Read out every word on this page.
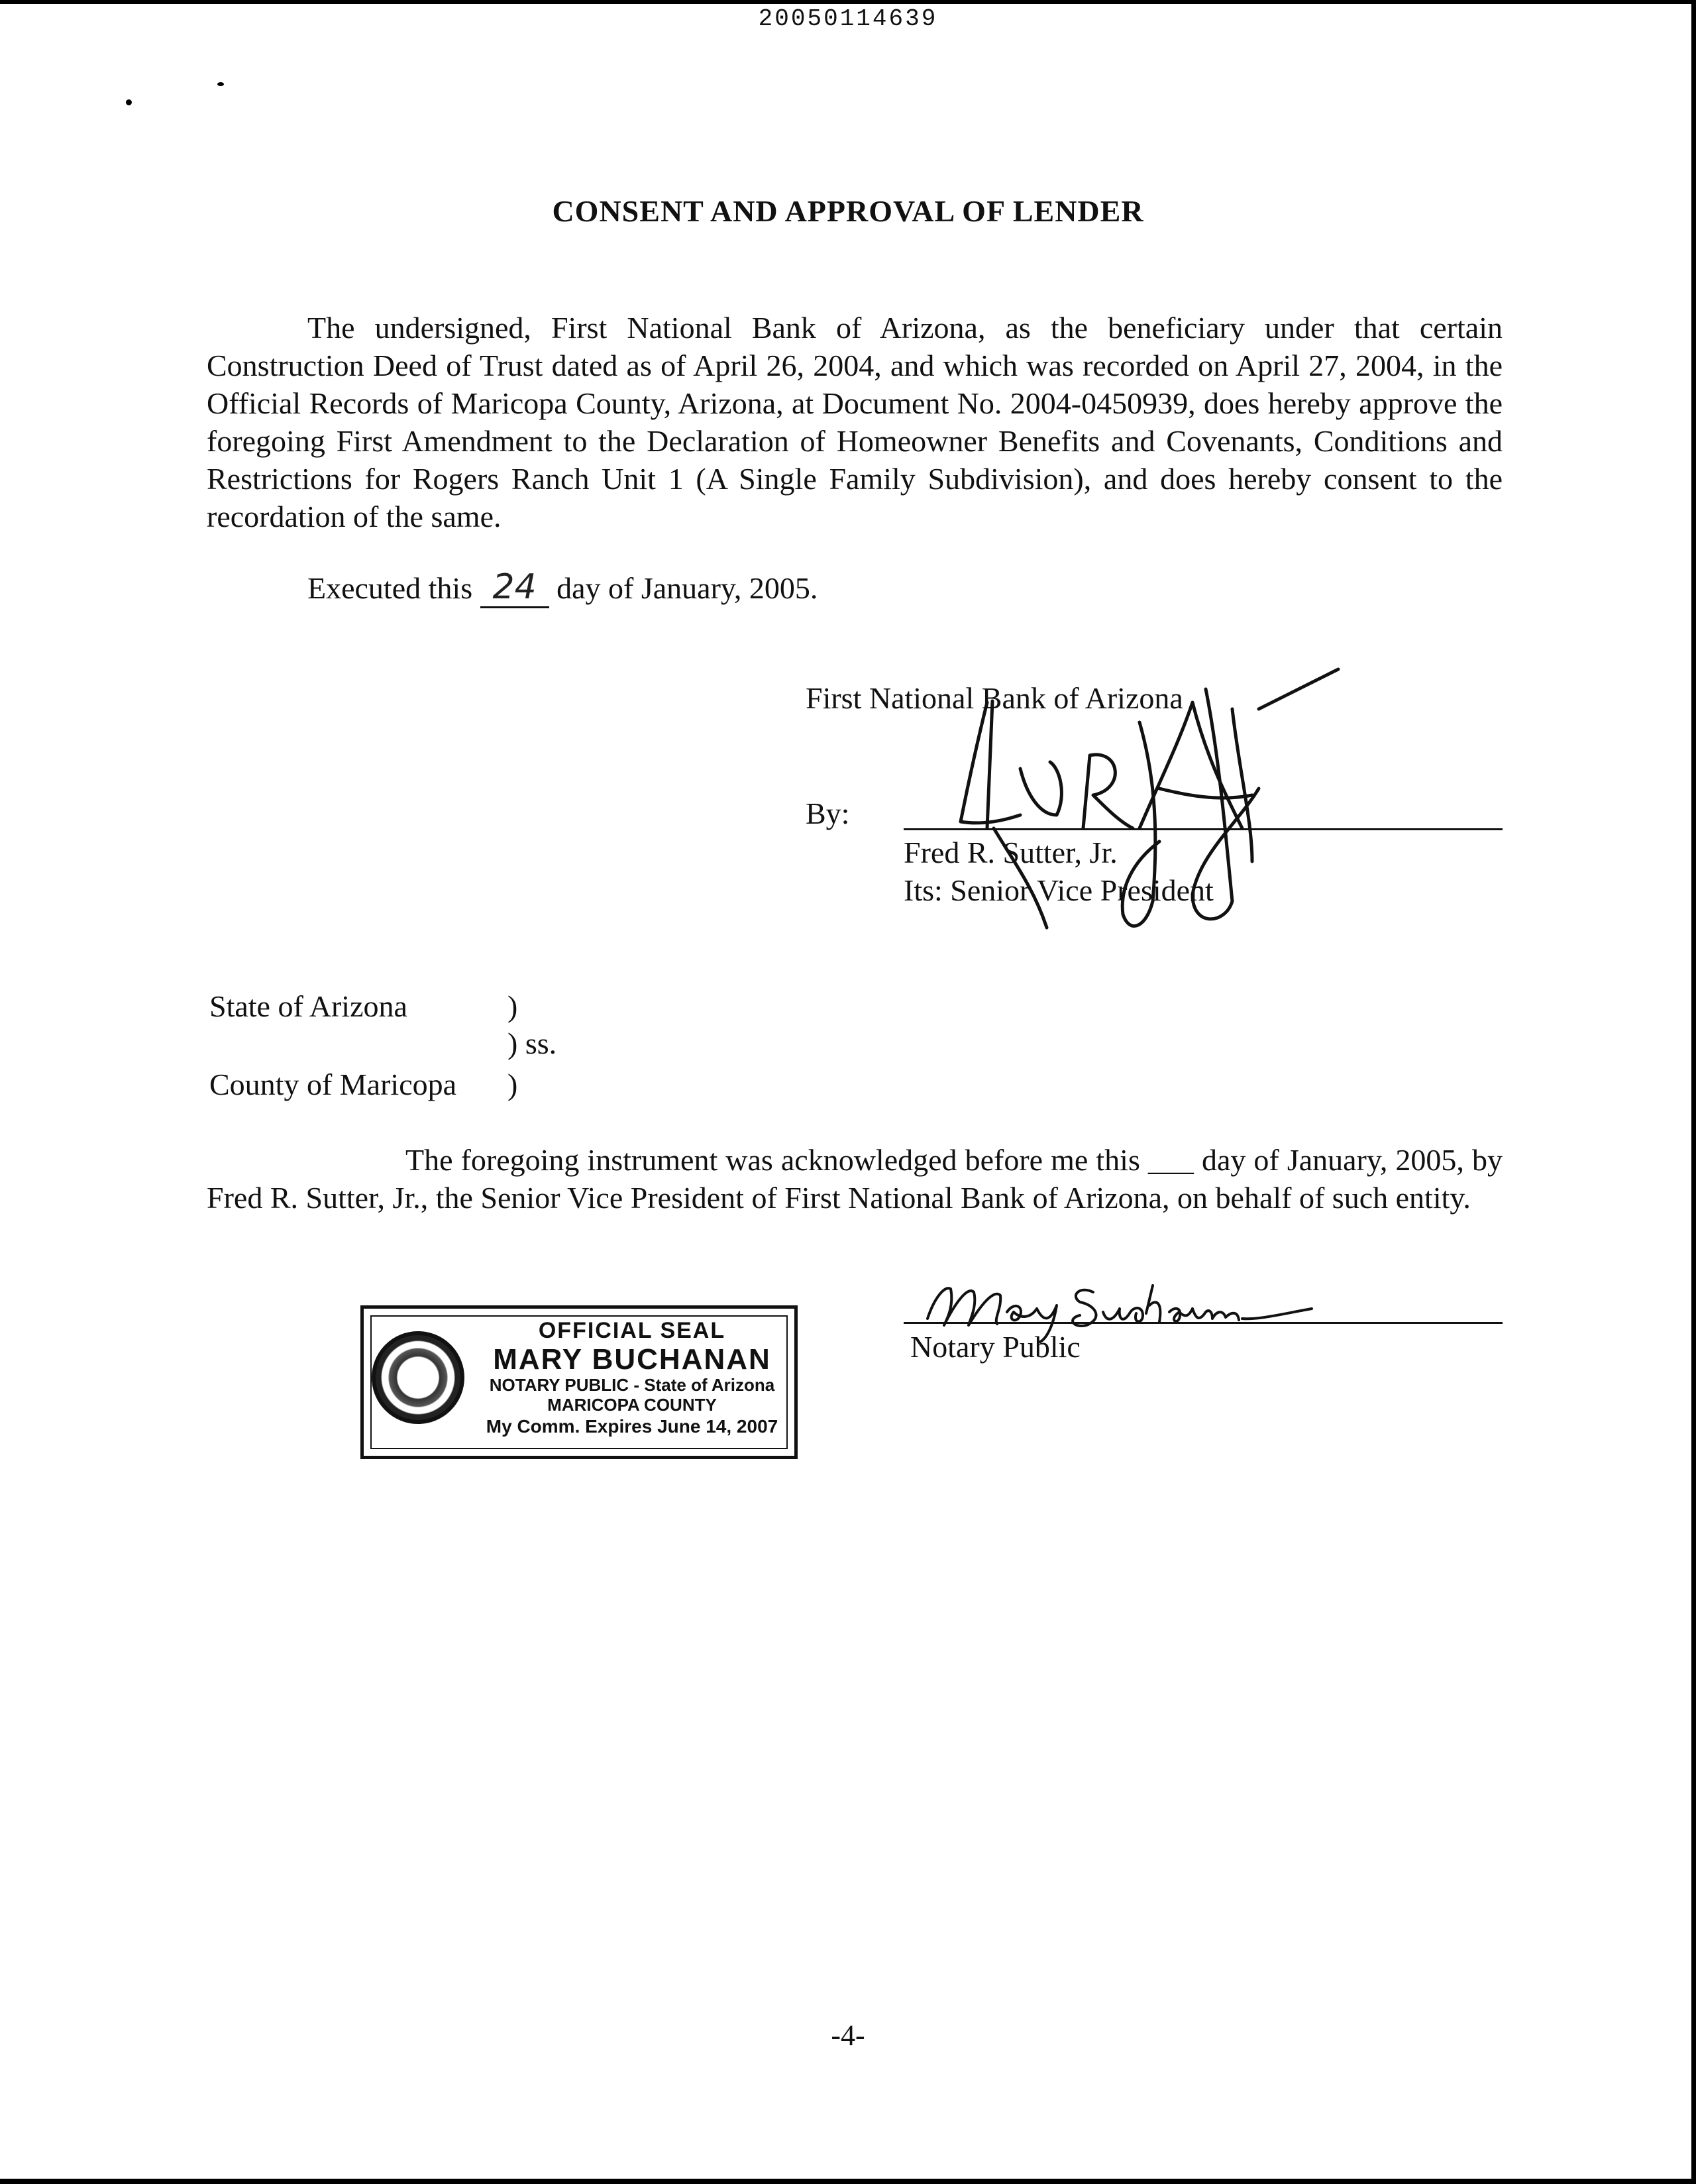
20050114639
CONSENT AND APPROVAL OF LENDER
The undersigned, First National Bank of Arizona, as the beneficiary under that certain Construction Deed of Trust dated as of April 26, 2004, and which was recorded on April 27, 2004, in the Official Records of Maricopa County, Arizona, at Document No. 2004-0450939, does hereby approve the foregoing First Amendment to the Declaration of Homeowner Benefits and Covenants, Conditions and Restrictions for Rogers Ranch Unit 1 (A Single Family Subdivision), and does hereby consent to the recordation of the same.
Executed this 24 day of January, 2005.
First National Bank of Arizona
By:
Fred R. Sutter, Jr.
Its: Senior Vice President
State of Arizona	)
) ss.
County of Maricopa )
The foregoing instrument was acknowledged before me this ___ day of January, 2005, by Fred R. Sutter, Jr., the Senior Vice President of First National Bank of Arizona, on behalf of such entity.
OFFICIAL SEAL
MARY BUCHANAN
NOTARY PUBLIC - State of Arizona
MARICOPA COUNTY
My Comm. Expires June 14, 2007
Notary Public
-4-
